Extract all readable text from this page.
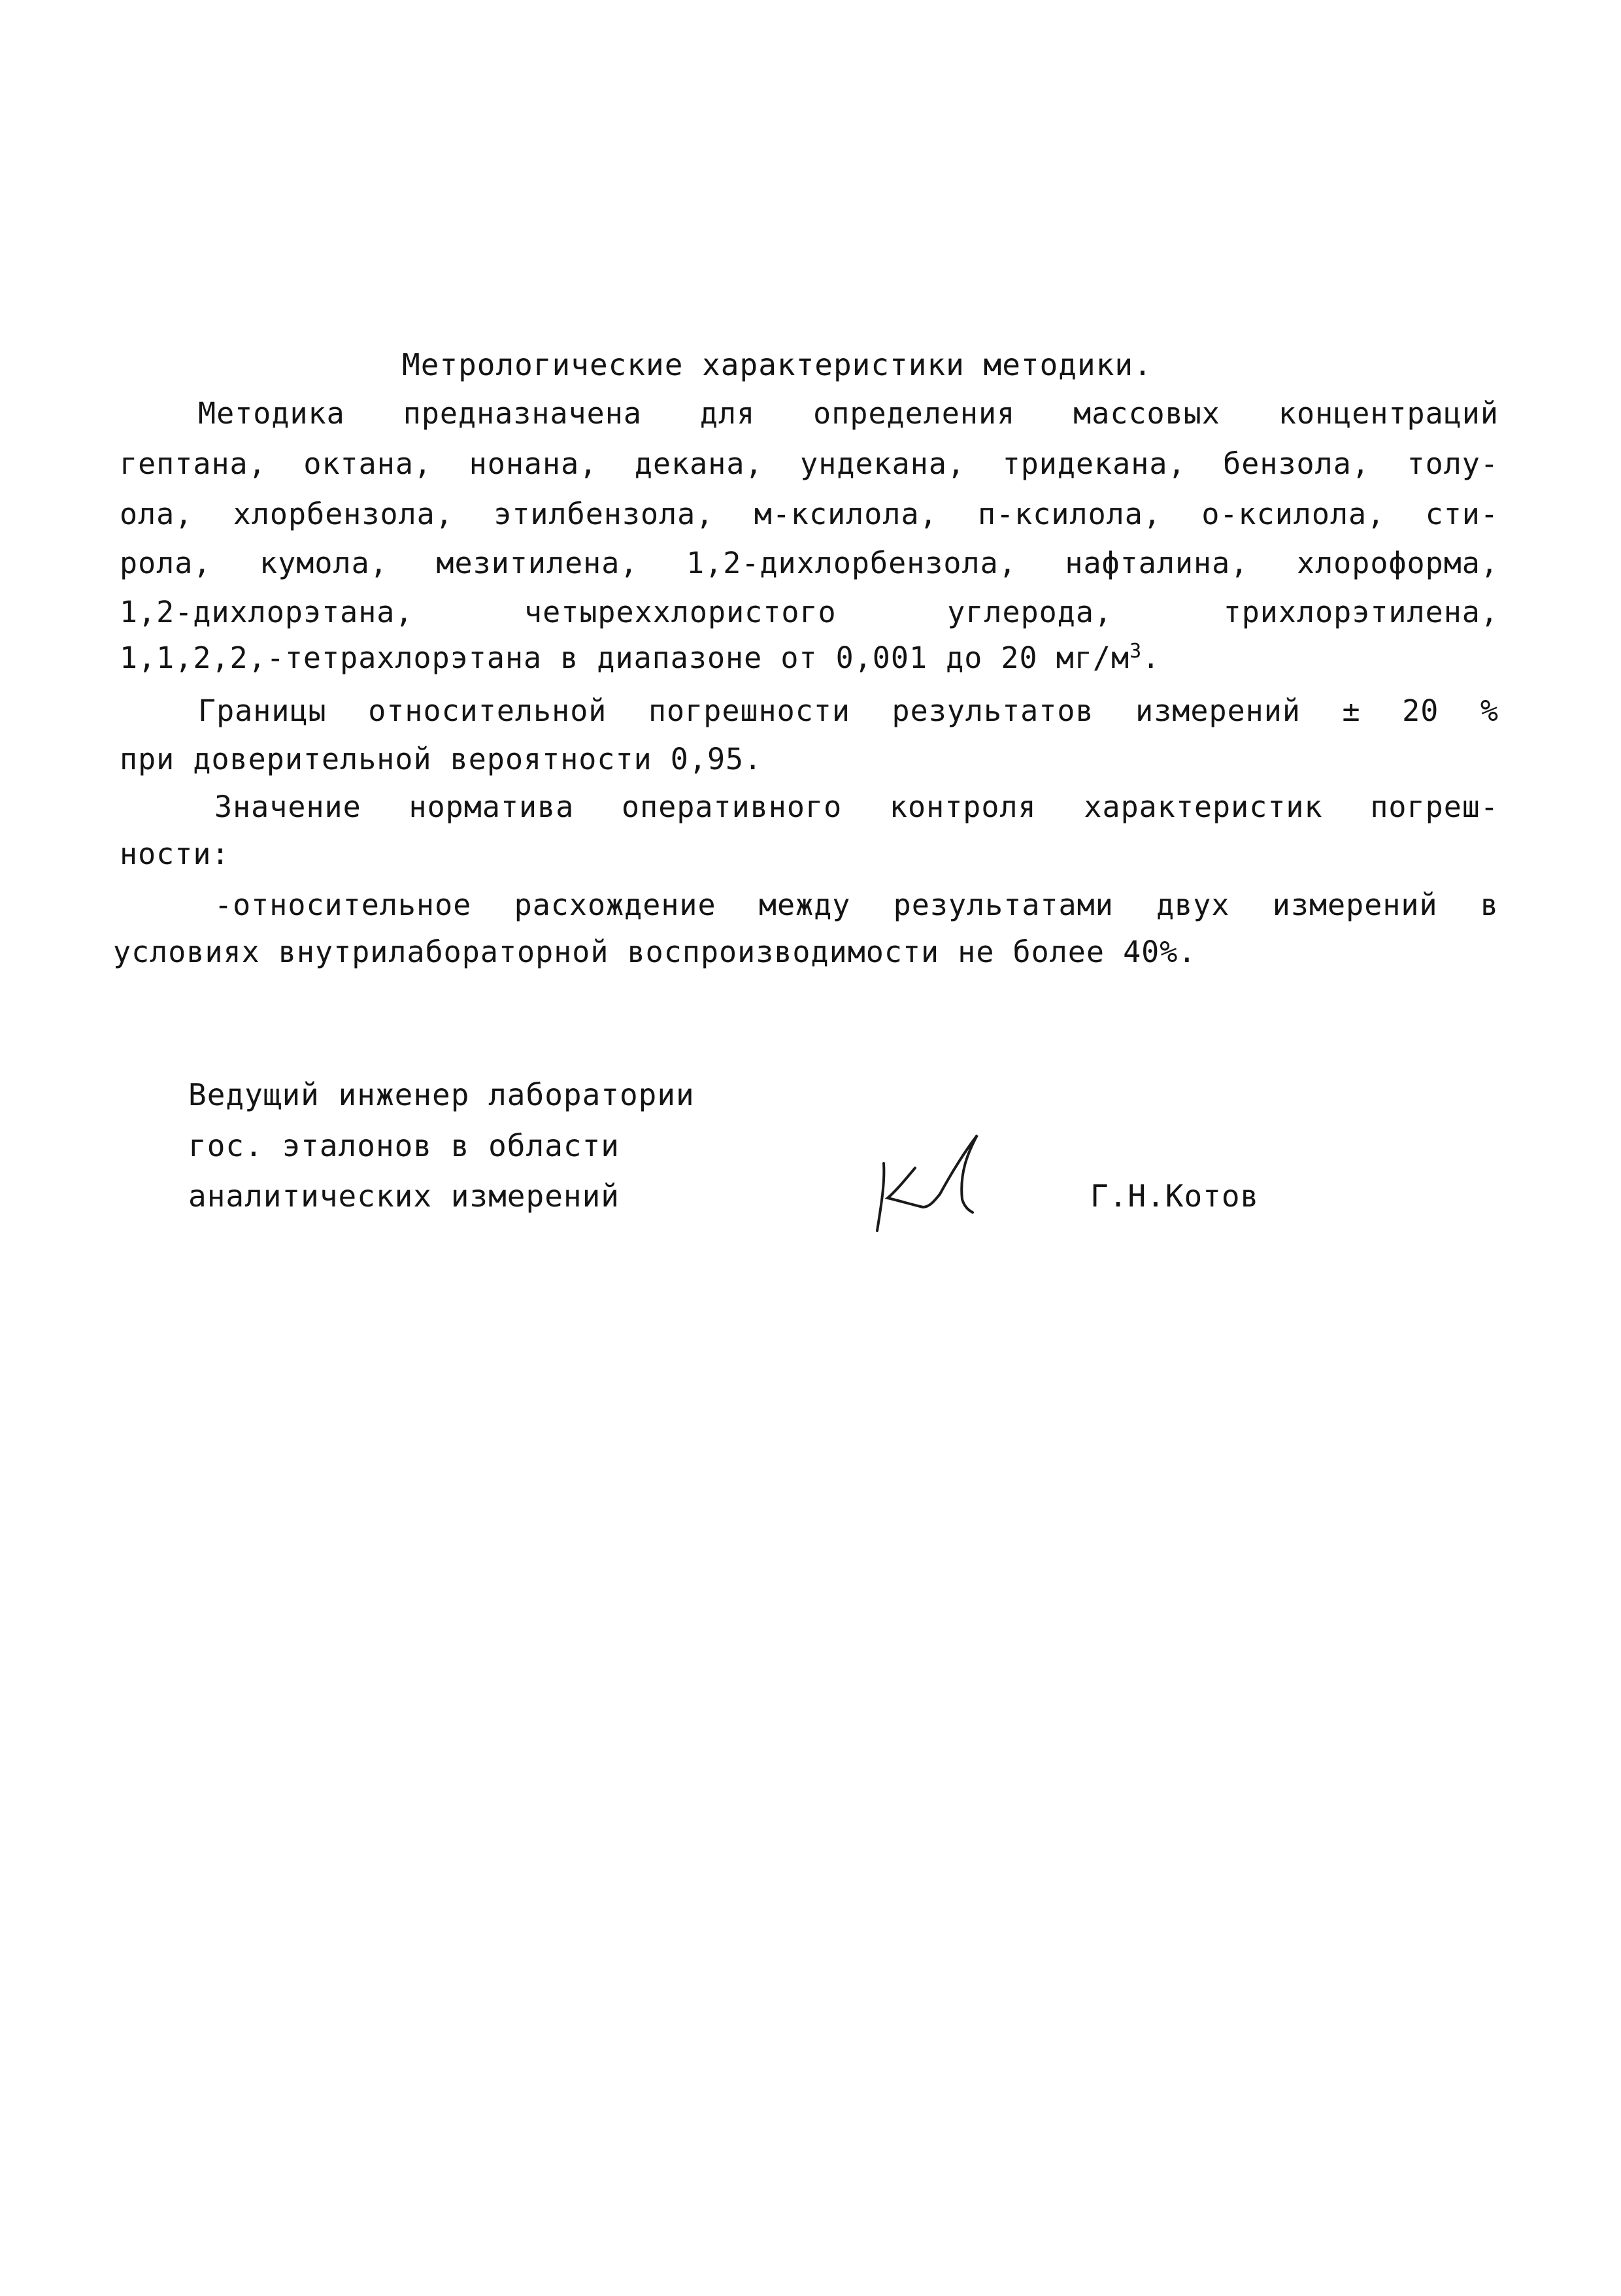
Метрологические характеристики методики.
Методика предназначена для определения массовых концентраций
гептана, октана, нонана, декана, ундекана, тридекана, бензола, толу-
ола, хлорбензола, этилбензола, м-ксилола, п-ксилола, о-ксилола, сти-
рола, кумола, мезитилена, 1,2-дихлорбензола, нафталина, хлороформа,
1,2-дихлорэтана, четыреххлористого углерода, трихлорэтилена,
1,1,2,2,-тетрахлорэтана в диапазоне от 0,001 до 20 $мг/м^3$.
Границы относительной погрешности результатов измерений ± 20 %
при доверительной вероятности 0,95.
Значение норматива оперативного контроля характеристик погреш-
ности:
-относительное расхождение между результатами двух измерений в
условиях внутрилабораторной воспроизводимости не более 40%.
Ведущий инженер лаборатории
гос. эталонов в области
аналитических измерений	Г.Н.Котов
